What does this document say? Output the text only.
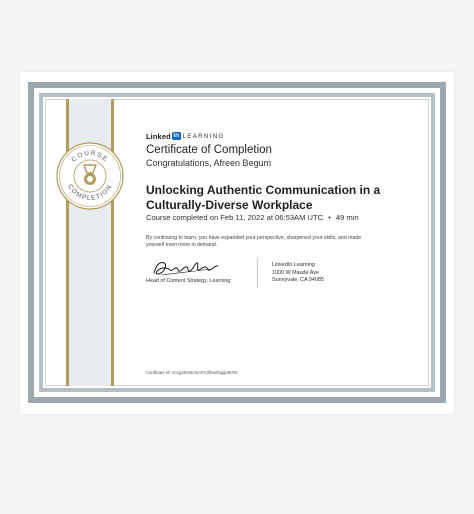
COURSE
COMPLETION
Linked in LEARNING
Certificate of Completion
Congratulations, Afreen Begum
Unlocking Authentic Communication in a Culturally-Diverse Workplace
Course completed on Feb 11, 2022 at 06:53AM UTC • 49 min
By continuing to learn, you have expanded your perspective, sharpened your skills, and made yourself even more in demand.
Head of Content Strategy, Learning
LinkedIn Learning
1000 W Maude Ave
Sunnyvale, CA 94085
Certificate Id: AcvgJdH9wJuAPC2fbenfqqqu9c0D
